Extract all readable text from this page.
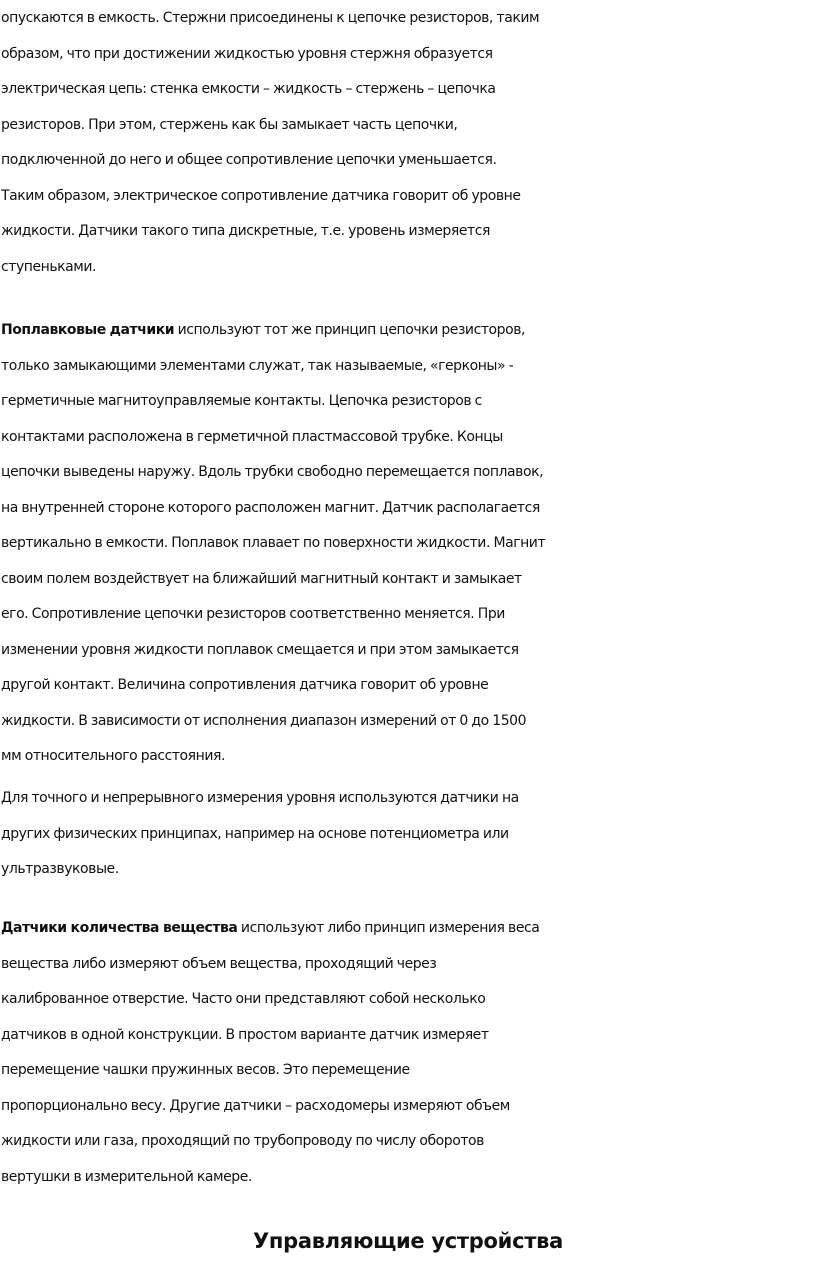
опускаются в емкость. Стержни присоединены к цепочке резисторов, таким
образом, что при достижении жидкостью уровня стержня образуется
электрическая цепь: стенка емкости – жидкость – стержень – цепочка
резисторов. При этом, стержень как бы замыкает часть цепочки,
подключенной до него и общее сопротивление цепочки уменьшается.
Таким образом, электрическое сопротивление датчика говорит об уровне
жидкости. Датчики такого типа дискретные, т.е. уровень измеряется
ступеньками.

Поплавковые датчики используют тот же принцип цепочки резисторов,
только замыкающими элементами служат, так называемые, «герконы» -
герметичные магнитоуправляемые контакты. Цепочка резисторов с
контактами расположена в герметичной пластмассовой трубке. Концы
цепочки выведены наружу. Вдоль трубки свободно перемещается поплавок,
на внутренней стороне которого расположен магнит. Датчик располагается
вертикально в емкости. Поплавок плавает по поверхности жидкости. Магнит
своим полем воздействует на ближайший магнитный контакт и замыкает
его. Сопротивление цепочки резисторов соответственно меняется. При
изменении уровня жидкости поплавок смещается и при этом замыкается
другой контакт. Величина сопротивления датчика говорит об уровне
жидкости. В зависимости от исполнения диапазон измерений от 0 до 1500
мм относительного расстояния.

Для точного и непрерывного измерения уровня используются датчики на
других физических принципах, например на основе потенциометра или
ультразвуковые.

Датчики количества вещества используют либо принцип измерения веса
вещества либо измеряют объем вещества, проходящий через
калиброванное отверстие. Часто они представляют собой несколько
датчиков в одной конструкции. В простом варианте датчик измеряет
перемещение чашки пружинных весов. Это перемещение
пропорционально весу. Другие датчики – расходомеры измеряют объем
жидкости или газа, проходящий по трубопроводу по числу оборотов
вертушки в измерительной камере.

Управляющие устройства
